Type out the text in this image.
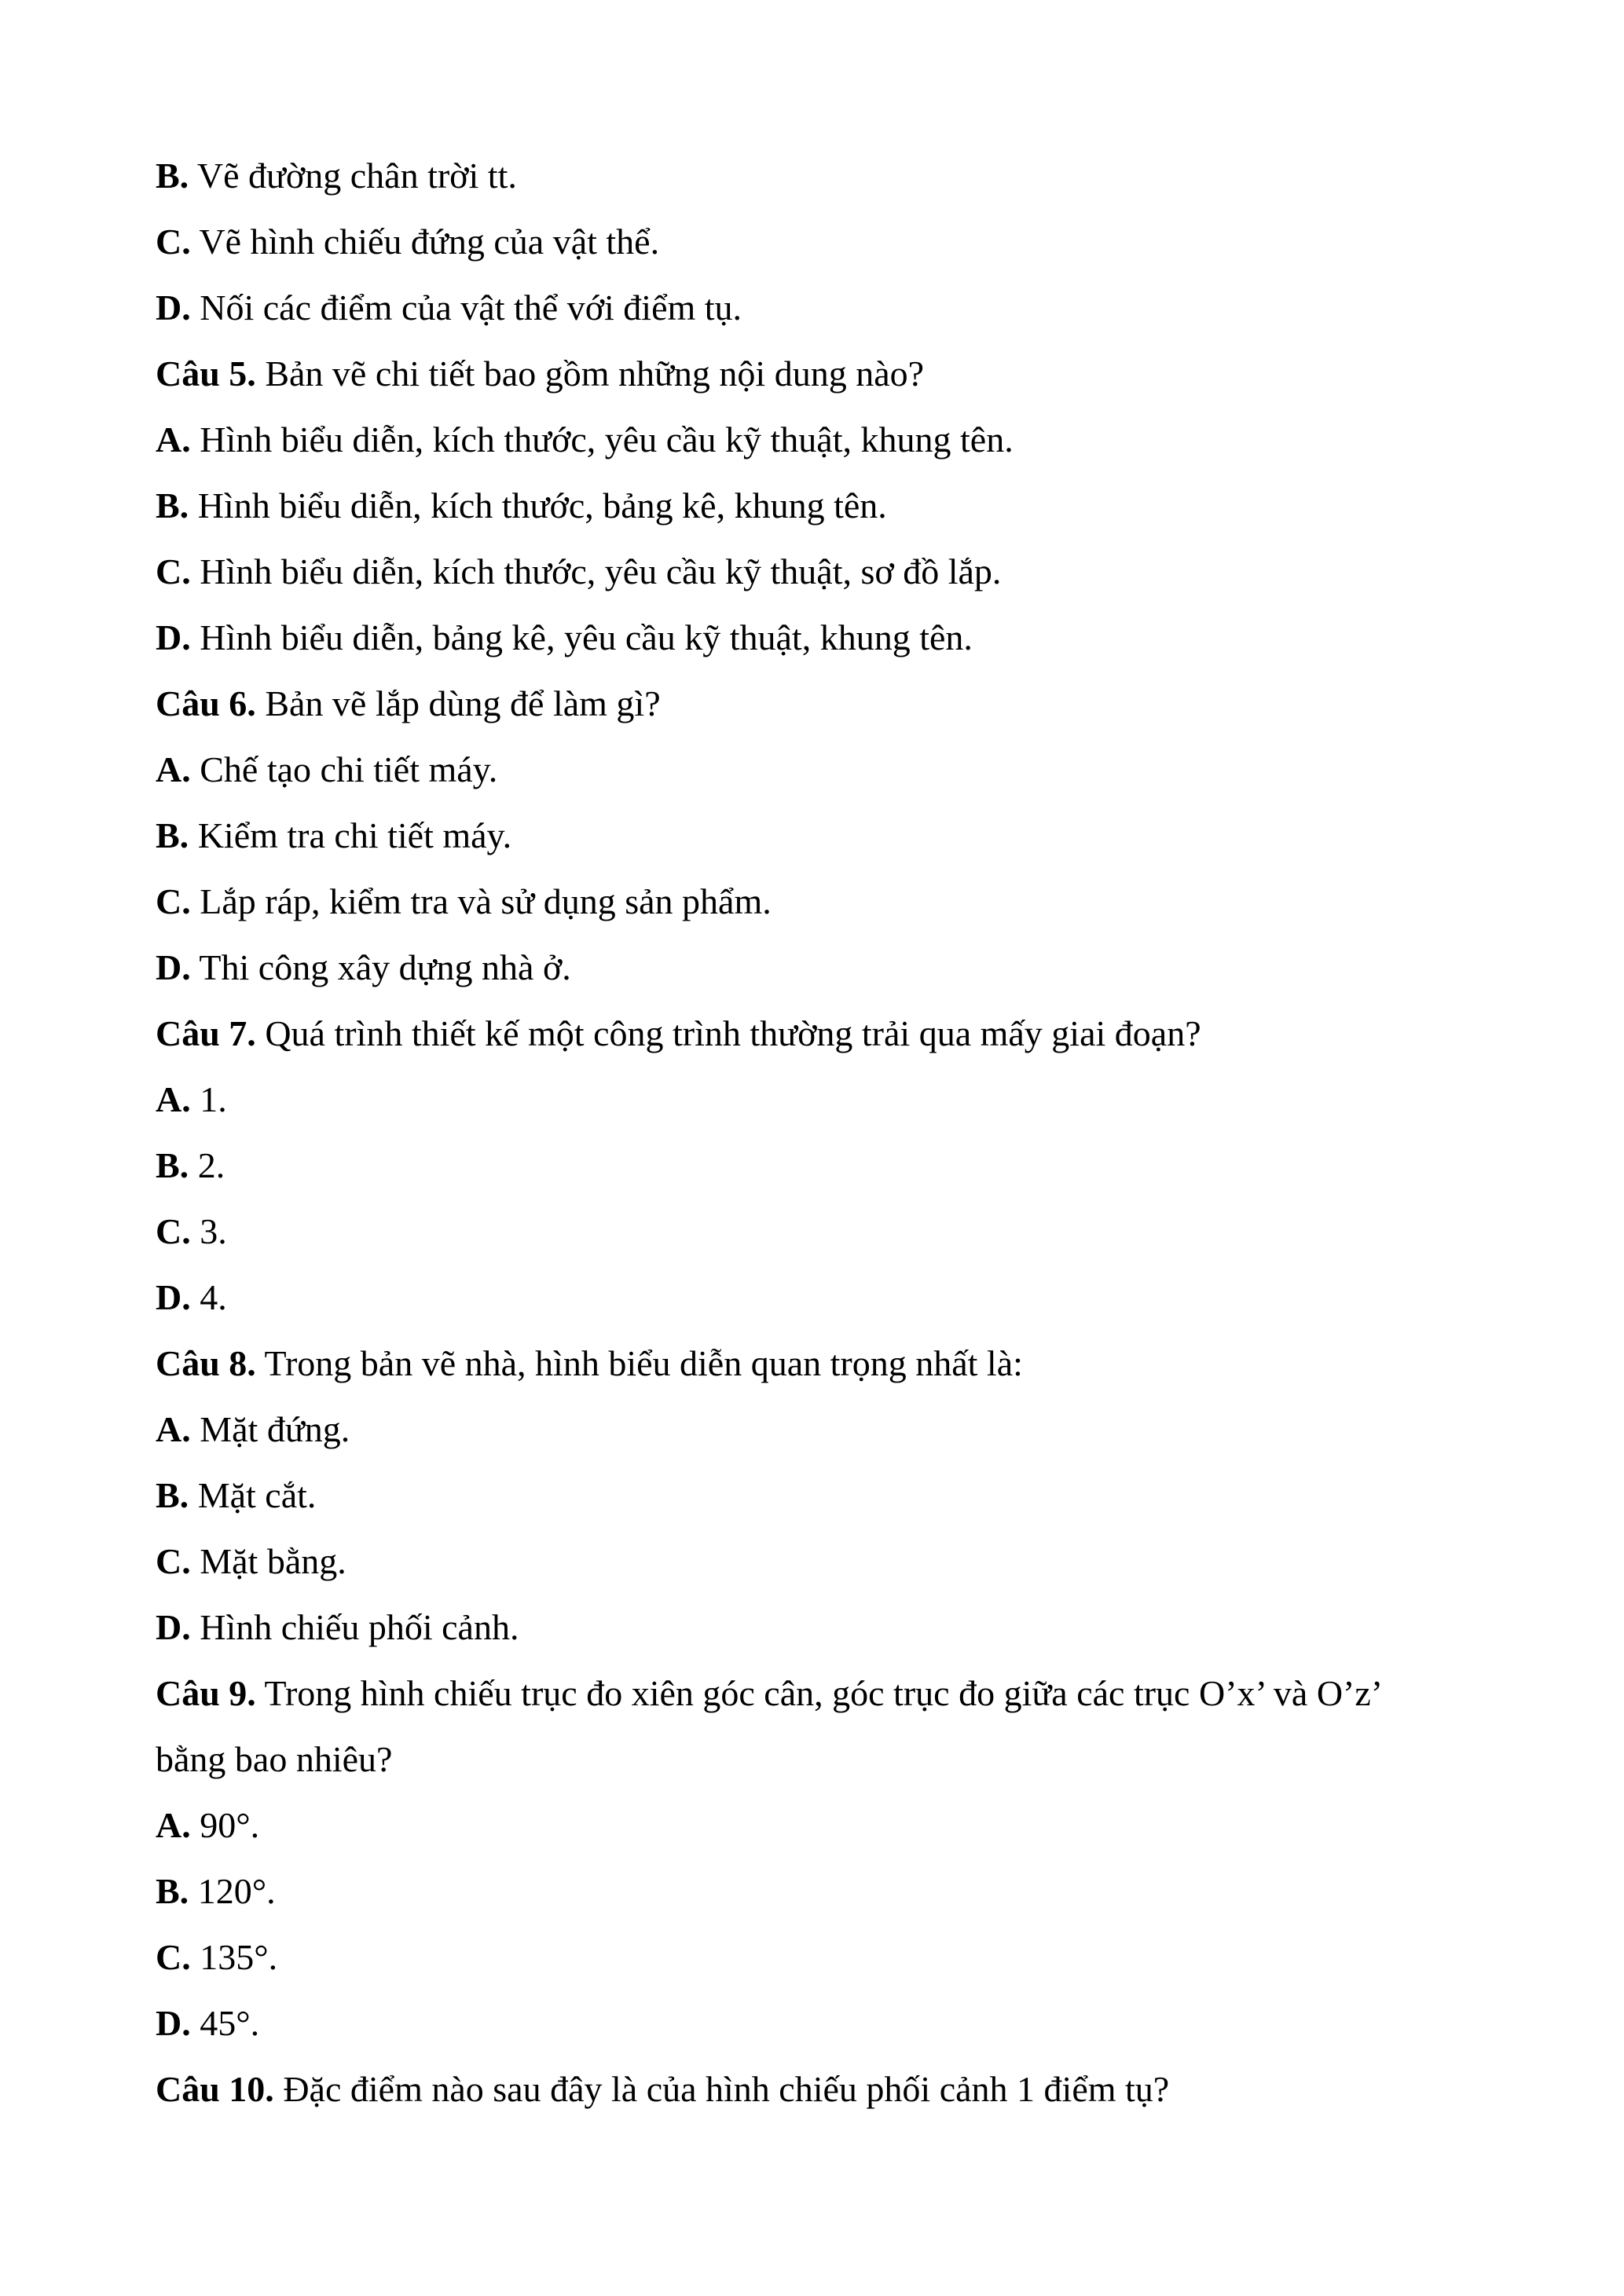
B. Vẽ đường chân trời tt.
C. Vẽ hình chiếu đứng của vật thể.
D. Nối các điểm của vật thể với điểm tụ.
Câu 5. Bản vẽ chi tiết bao gồm những nội dung nào?
A. Hình biểu diễn, kích thước, yêu cầu kỹ thuật, khung tên.
B. Hình biểu diễn, kích thước, bảng kê, khung tên.
C. Hình biểu diễn, kích thước, yêu cầu kỹ thuật, sơ đồ lắp.
D. Hình biểu diễn, bảng kê, yêu cầu kỹ thuật, khung tên.
Câu 6. Bản vẽ lắp dùng để làm gì?
A. Chế tạo chi tiết máy.
B. Kiểm tra chi tiết máy.
C. Lắp ráp, kiểm tra và sử dụng sản phẩm.
D. Thi công xây dựng nhà ở.
Câu 7. Quá trình thiết kế một công trình thường trải qua mấy giai đoạn?
A. 1.
B. 2.
C. 3.
D. 4.
Câu 8. Trong bản vẽ nhà, hình biểu diễn quan trọng nhất là:
A. Mặt đứng.
B. Mặt cắt.
C. Mặt bằng.
D. Hình chiếu phối cảnh.
Câu 9. Trong hình chiếu trục đo xiên góc cân, góc trục đo giữa các trục O’x’ và O’z’
bằng bao nhiêu?
A. 90°.
B. 120°.
C. 135°.
D. 45°.
Câu 10. Đặc điểm nào sau đây là của hình chiếu phối cảnh 1 điểm tụ?
